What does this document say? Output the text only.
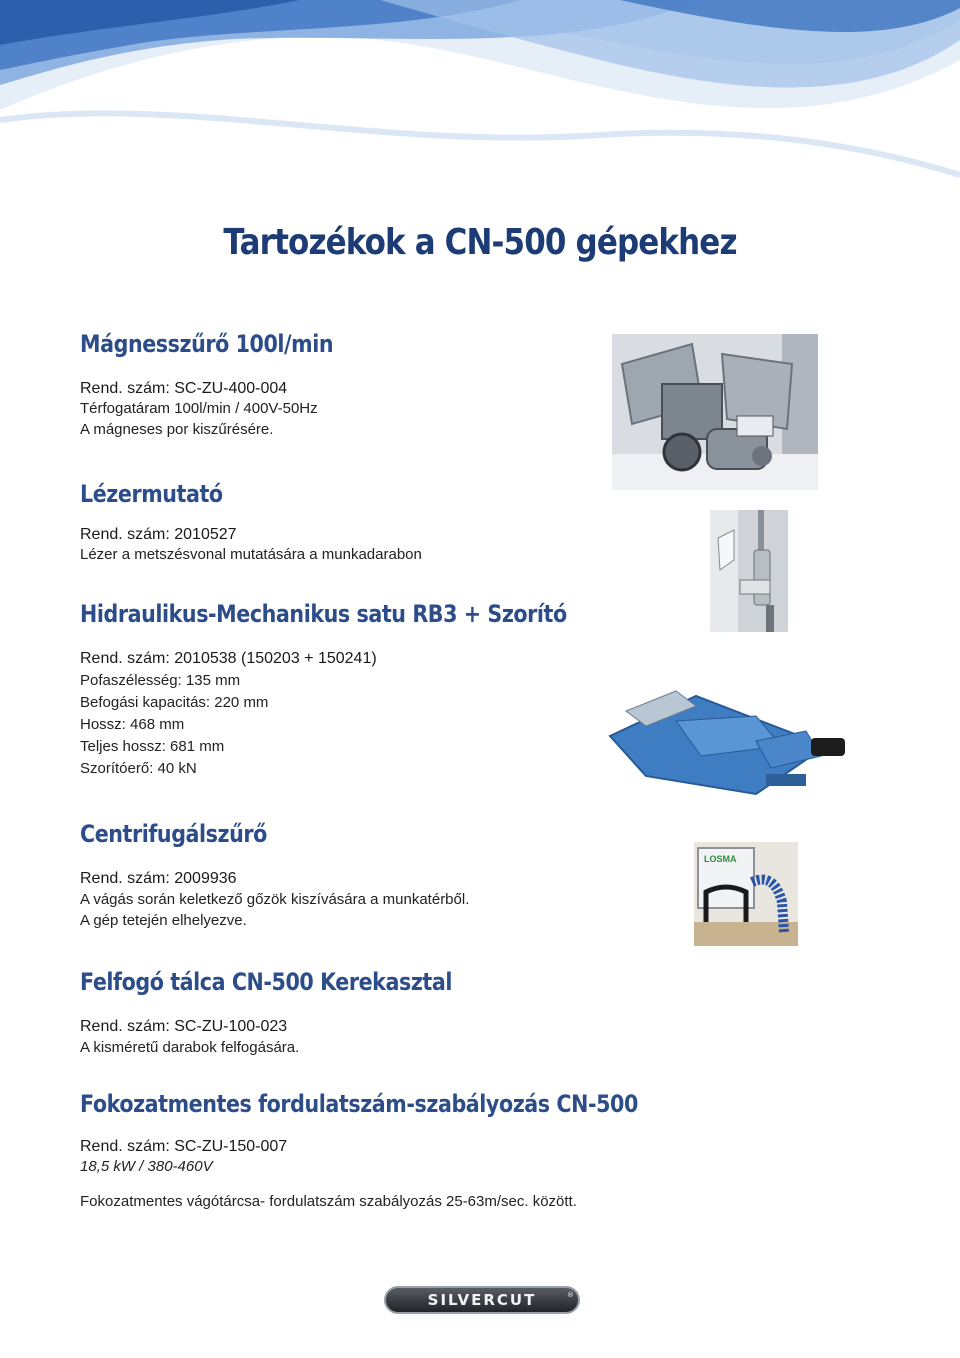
Tartozékok a CN-500 gépekhez

Mágnesszűrő 100l/min

Rend. szám: SC-ZU-400-004

Térfogatáram 100l/min / 400V-50Hz

A mágneses por kiszűrésére.

Lézermutató

Rend. szám: 2010527

Lézer a metszésvonal mutatására a munkadarabon

Hidraulikus-Mechanikus satu RB3 + Szorító

Rend. szám: 2010538 (150203 + 150241)

Pofaszélesség: 135 mm

Befogási kapacitás: 220 mm

Hossz: 468 mm

Teljes hossz: 681 mm

Szorítóerő: 40 kN

Centrifugálszűrő

Rend. szám: 2009936

A vágás során keletkező gőzök kiszívására a munkatérből.

A gép tetején elhelyezve.

Felfogó tálca CN-500 Kerekasztal

Rend. szám: SC-ZU-100-023

A kisméretű darabok felfogására.

Fokozatmentes fordulatszám-szabályozás CN-500

Rend. szám: SC-ZU-150-007

18,5 kW / 380-460V

Fokozatmentes vágótárcsa- fordulatszám szabályozás 25-63m/sec. között.

LOSMA
SILVERCUT	®
